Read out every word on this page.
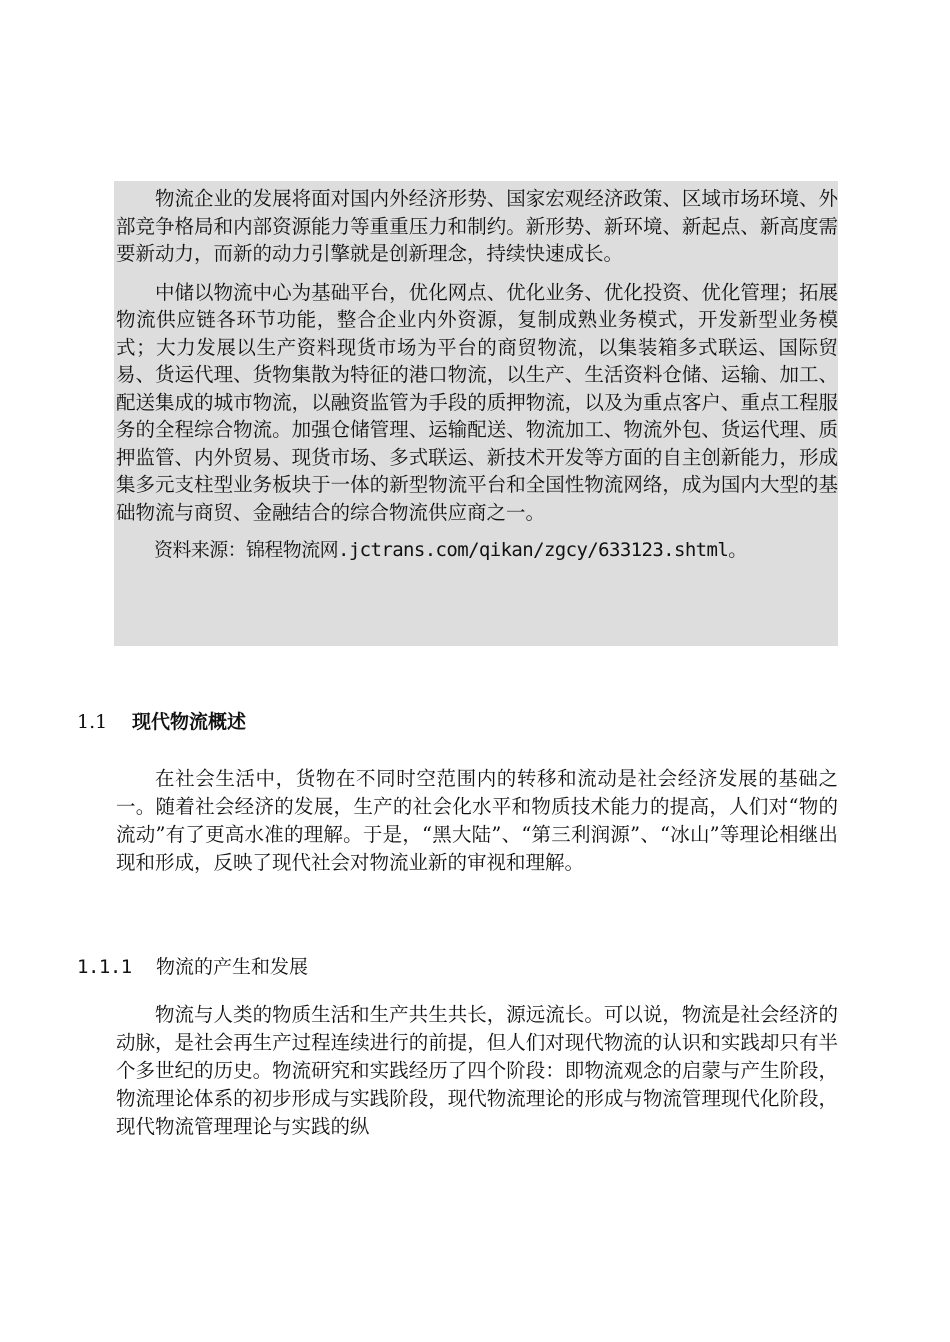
物流企业的发展将面对国内外经济形势、国家宏观经济政策、区域市场环境、外部竞争格局和内部资源能力等重重压力和制约。新形势、新环境、新起点、新高度需要新动力，而新的动力引擎就是创新理念，持续快速成长。

中储以物流中心为基础平台，优化网点、优化业务、优化投资、优化管理；拓展物流供应链各环节功能，整合企业内外资源，复制成熟业务模式，开发新型业务模式；大力发展以生产资料现货市场为平台的商贸物流，以集装箱多式联运、国际贸易、货运代理、货物集散为特征的港口物流，以生产、生活资料仓储、运输、加工、配送集成的城市物流，以融资监管为手段的质押物流，以及为重点客户、重点工程服务的全程综合物流。加强仓储管理、运输配送、物流加工、物流外包、货运代理、质押监管、内外贸易、现货市场、多式联运、新技术开发等方面的自主创新能力，形成集多元支柱型业务板块于一体的新型物流平台和全国性物流网络，成为国内大型的基础物流与商贸、金融结合的综合物流供应商之一。

资料来源：锦程物流网.jctrans.com/qikan/zgcy/633123.shtml。

1.1 现代物流概述

在社会生活中，货物在不同时空范围内的转移和流动是社会经济发展的基础之一。随着社会经济的发展，生产的社会化水平和物质技术能力的提高，人们对“物的流动”有了更高水准的理解。于是，“黑大陆”、“第三利润源”、“冰山”等理论相继出现和形成，反映了现代社会对物流业新的审视和理解。

1.1.1 物流的产生和发展

物流与人类的物质生活和生产共生共长，源远流长。可以说，物流是社会经济的动脉，是社会再生产过程连续进行的前提，但人们对现代物流的认识和实践却只有半个多世纪的历史。物流研究和实践经历了四个阶段：即物流观念的启蒙与产生阶段，物流理论体系的初步形成与实践阶段，现代物流理论的形成与物流管理现代化阶段，现代物流管理理论与实践的纵
